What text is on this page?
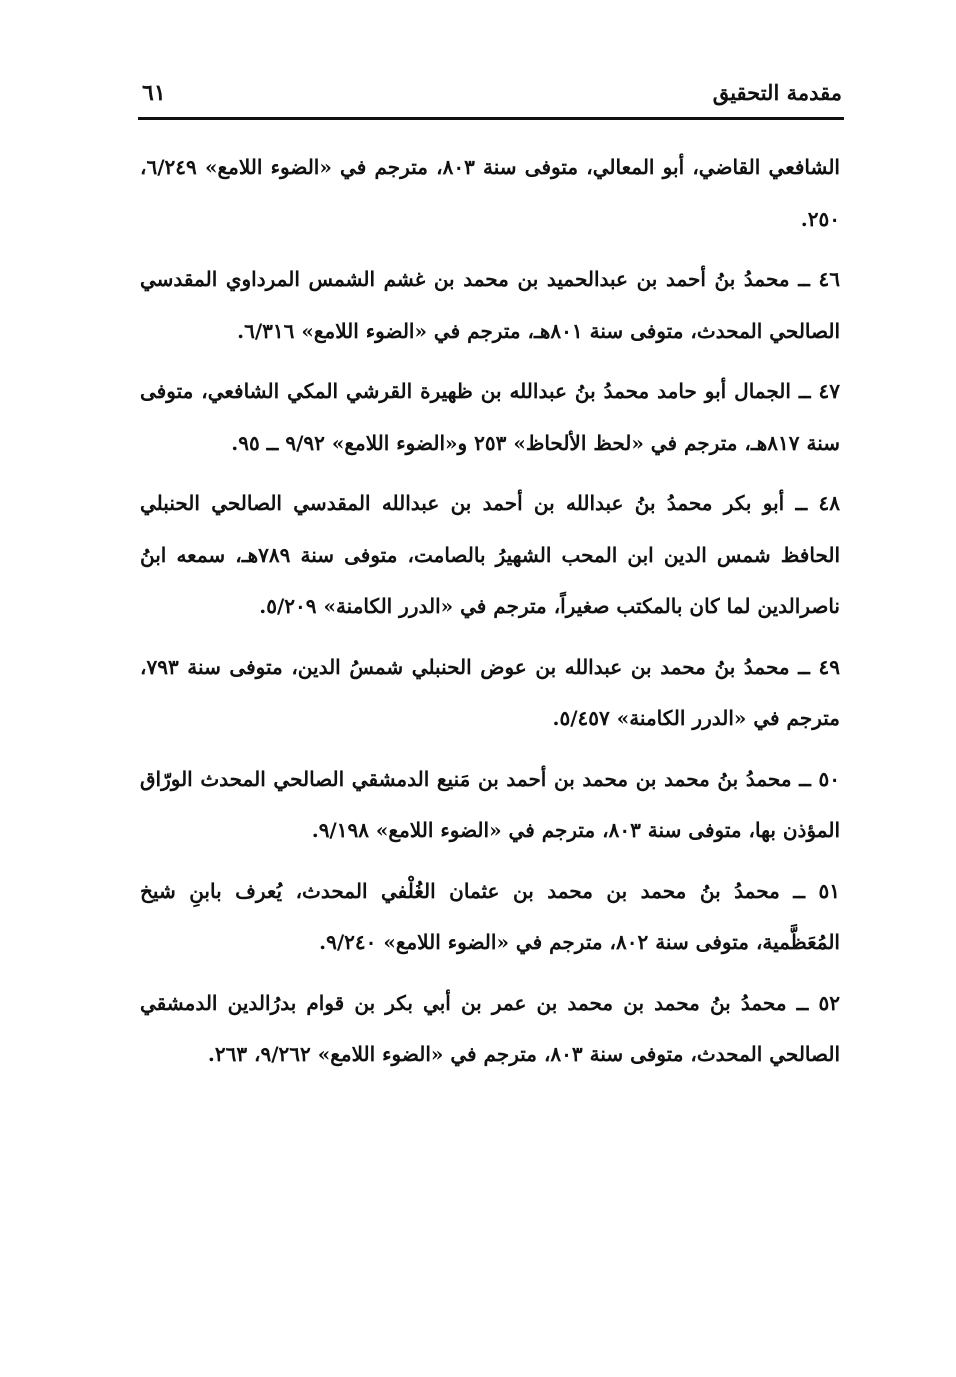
مقدمة التحقيق
٦١

الشافعي القاضي، أبو المعالي، متوفى سنة ٨٠٣، مترجم في «الضوء اللامع» ٦/٢٤٩، ٢٥٠.

٤٦ ــ محمدُ بنُ أحمد بن عبدالحميد بن محمد بن غشم الشمس المرداوي المقدسي الصالحي المحدث، متوفى سنة ٨٠١هـ، مترجم في «الضوء اللامع» ٦/٣١٦.

٤٧ ــ الجمال أبو حامد محمدُ بنُ عبدالله بن ظهيرة القرشي المكي الشافعي، متوفى سنة ٨١٧هـ، مترجم في «لحظ الألحاظ» ٢٥٣ و«الضوء اللامع» ٩/٩٢ ــ ٩٥.

٤٨ ــ أبو بكر محمدُ بنُ عبدالله بن أحمد بن عبدالله المقدسي الصالحي الحنبلي الحافظ شمس الدين ابن المحب الشهيرُ بالصامت، متوفى سنة ٧٨٩هـ، سمعه ابنُ ناصرالدين لما كان بالمكتب صغيراً، مترجم في «الدرر الكامنة» ٥/٢٠٩.

٤٩ ــ محمدُ بنُ محمد بن عبدالله بن عوض الحنبلي شمسُ الدين، متوفى سنة ٧٩٣، مترجم في «الدرر الكامنة» ٥/٤٥٧.

٥٠ ــ محمدُ بنُ محمد بن محمد بن أحمد بن مَنيع الدمشقي الصالحي المحدث الورّاق المؤذن بها، متوفى سنة ٨٠٣، مترجم في «الضوء اللامع» ٩/١٩٨.

٥١ ــ محمدُ بنُ محمد بن محمد بن عثمان الغُلْفي المحدث، يُعرف بابنِ شيخ المُعَظَّمية، متوفى سنة ٨٠٢، مترجم في «الضوء اللامع» ٩/٢٤٠.

٥٢ ــ محمدُ بنُ محمد بن محمد بن عمر بن أبي بكر بن قوام بدرُالدين الدمشقي الصالحي المحدث، متوفى سنة ٨٠٣، مترجم في «الضوء اللامع» ٩/٢٦٢، ٢٦٣.
